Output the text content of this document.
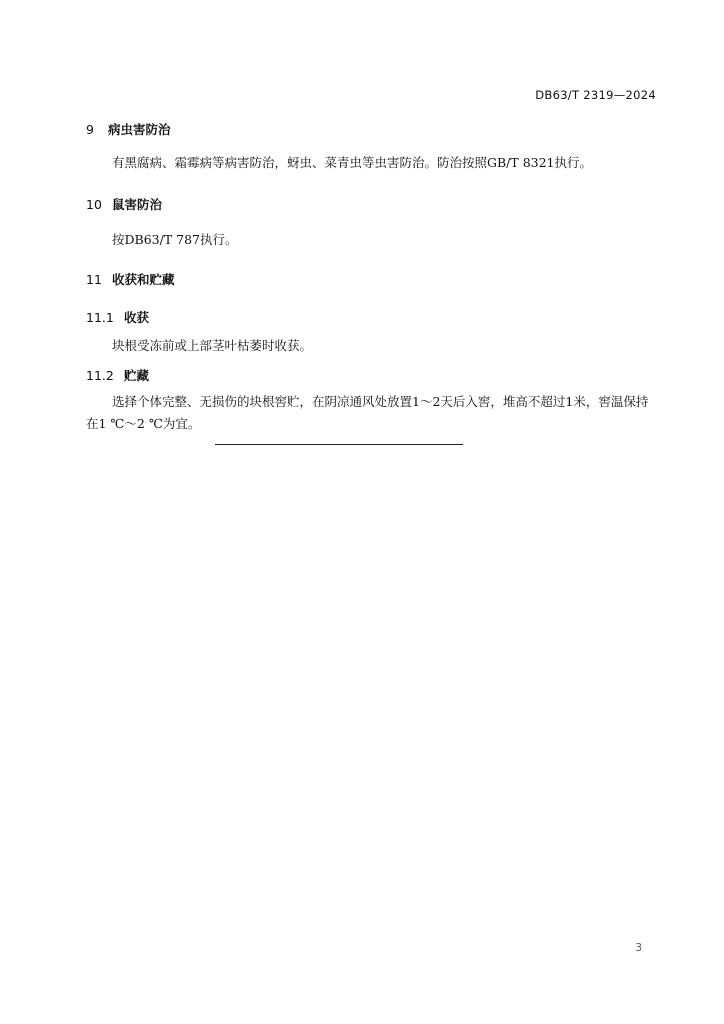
DB63/T 2319—2024
9 病虫害防治
有黑腐病、霜霉病等病害防治，蚜虫、菜青虫等虫害防治。防治按照GB/T 8321执行。
10 鼠害防治
按DB63/T 787执行。
11 收获和贮藏
11.1 收获
块根受冻前或上部茎叶枯萎时收获。
11.2 贮藏
选择个体完整、无损伤的块根窖贮，在阴凉通风处放置1～2天后入窖，堆高不超过1米，窖温保持在1 ℃～2 ℃为宜。
3
